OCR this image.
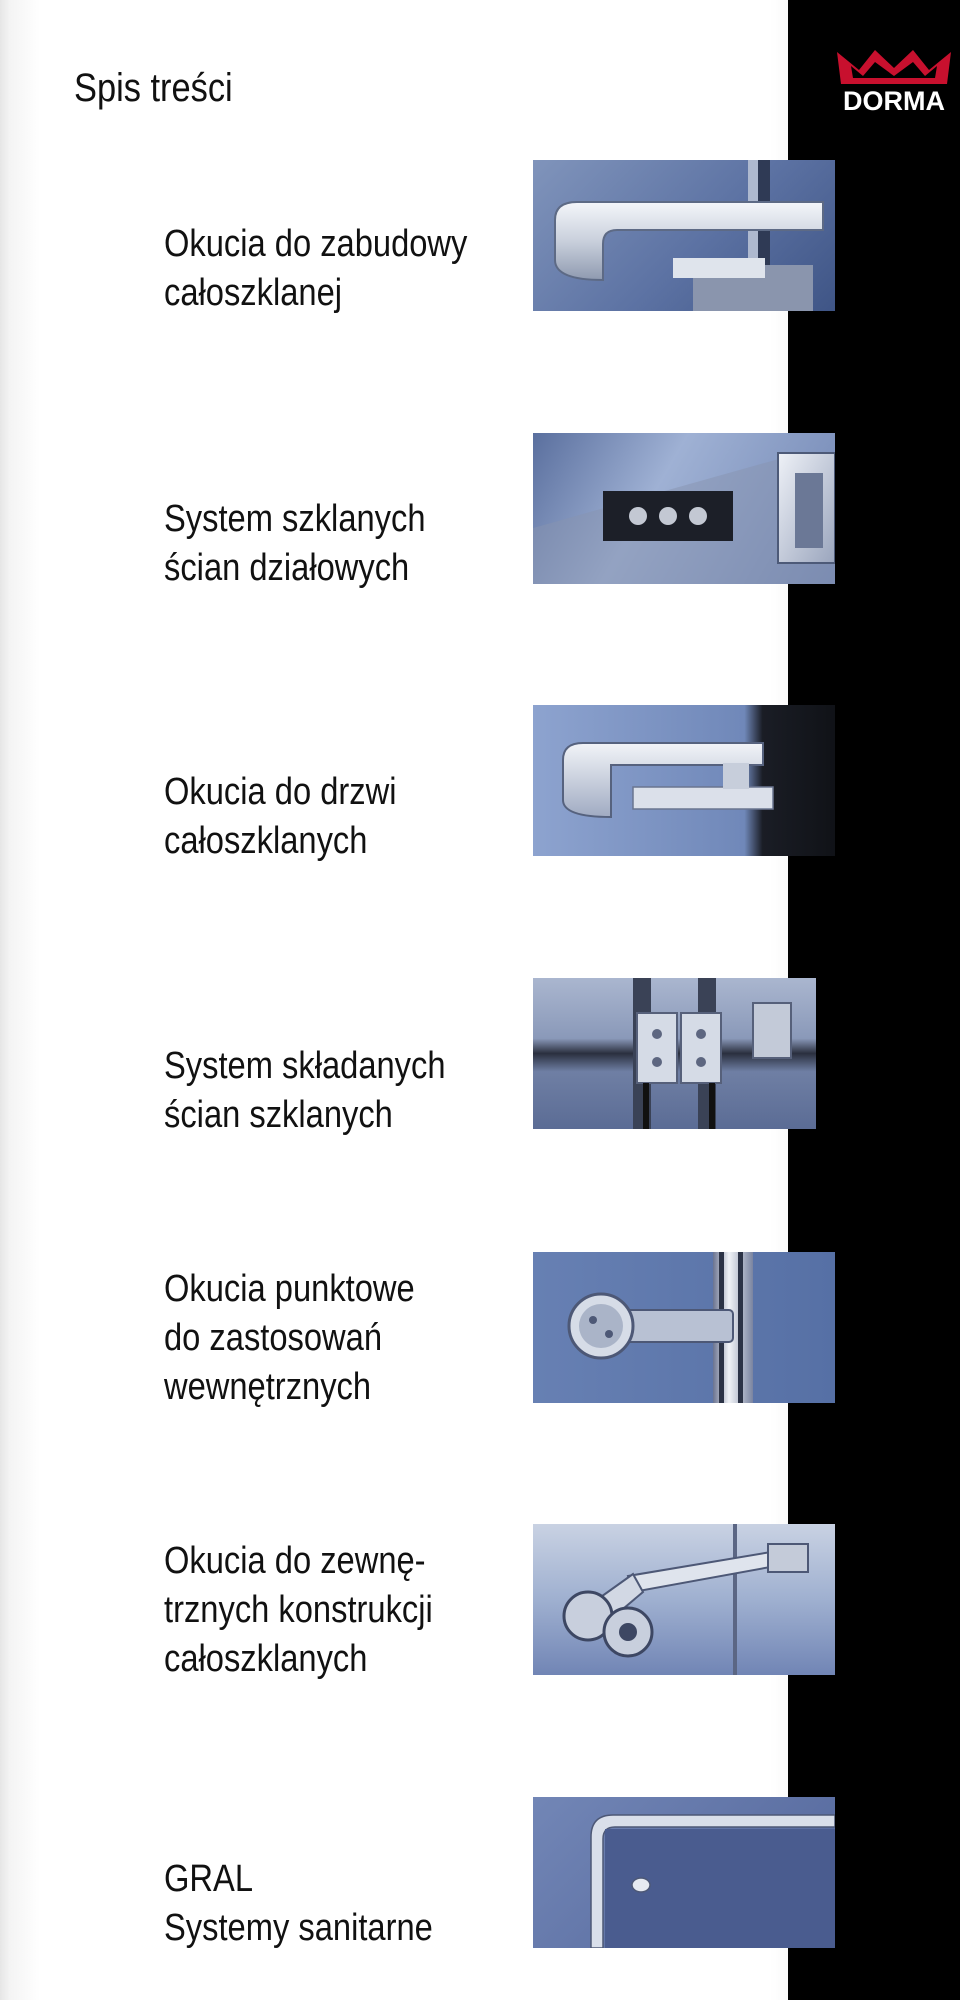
DORMA
Spis treści
Okucia do zabudowy
całoszklanej
System szklanych
ścian działowych
Okucia do drzwi
całoszklanych
System składanych
ścian szklanych
Okucia punktowe
do zastosowań
wewnętrznych
Okucia do zewnę-
trznych konstrukcji
całoszklanych
GRAL
Systemy sanitarne
